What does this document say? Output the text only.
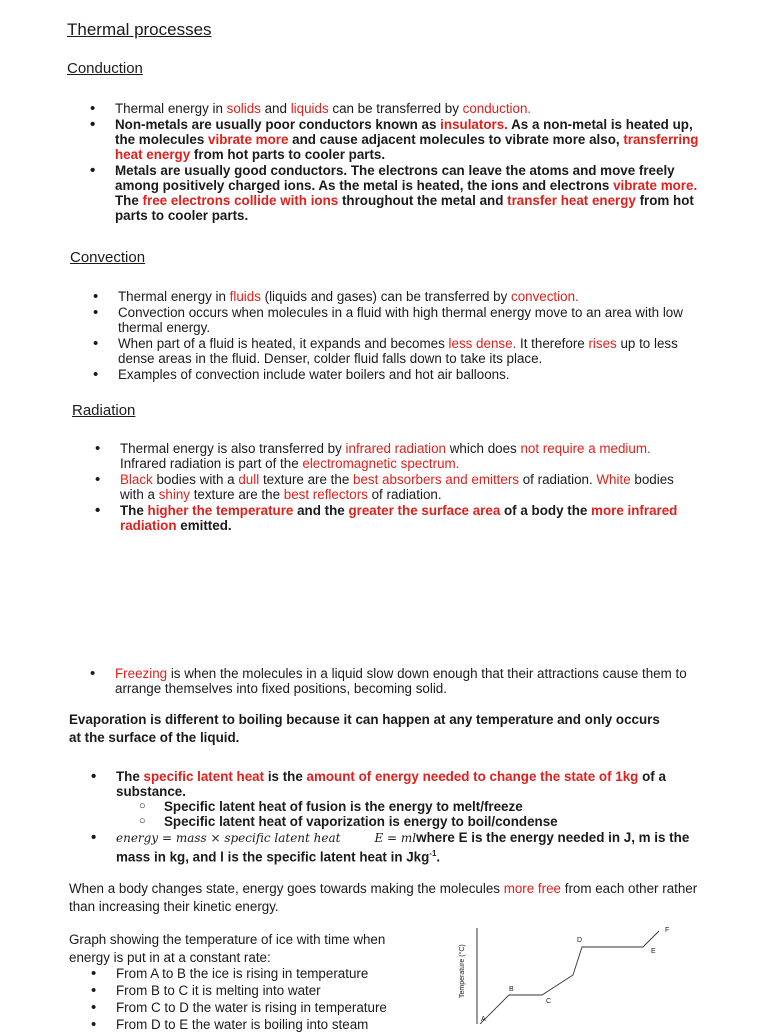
Thermal processes
Conduction
• Thermal energy in solids and liquids can be transferred by conduction.
• Non-metals are usually poor conductors known as insulators. As a non-metal is heated up, the molecules vibrate more and cause adjacent molecules to vibrate more also, transferring heat energy from hot parts to cooler parts.
• Metals are usually good conductors. The electrons can leave the atoms and move freely among positively charged ions. As the metal is heated, the ions and electrons vibrate more. The free electrons collide with ions throughout the metal and transfer heat energy from hot parts to cooler parts.
Convection
• Thermal energy in fluids (liquids and gases) can be transferred by convection.
• Convection occurs when molecules in a fluid with high thermal energy move to an area with low thermal energy.
• When part of a fluid is heated, it expands and becomes less dense. It therefore rises up to less dense areas in the fluid. Denser, colder fluid falls down to take its place.
• Examples of convection include water boilers and hot air balloons.
Radiation
• Thermal energy is also transferred by infrared radiation which does not require a medium. Infrared radiation is part of the electromagnetic spectrum.
• Black bodies with a dull texture are the best absorbers and emitters of radiation. White bodies with a shiny texture are the best reflectors of radiation.
• The higher the temperature and the greater the surface area of a body the more infrared radiation emitted.
• Freezing is when the molecules in a liquid slow down enough that their attractions cause them to arrange themselves into fixed positions, becoming solid.
Evaporation is different to boiling because it can happen at any temperature and only occurs at the surface of the liquid.
• The specific latent heat is the amount of energy needed to change the state of 1kg of a substance.
○ Specific latent heat of fusion is the energy to melt/freeze
○ Specific latent heat of vaporization is energy to boil/condense
• energy = mass × specific latent heat	E = mlwhere E is the energy needed in J, m is the mass in kg, and l is the specific latent heat in Jkg$^{-1}$.
When a body changes state, energy goes towards making the molecules more free from each other rather than increasing their kinetic energy.
Graph showing the temperature of ice with time when energy is put in at a constant rate:
• From A to B the ice is rising in temperature
• From B to C it is melting into water
• From C to D the water is rising in temperature
• From D to E the water is boiling into steam
Temperature (°C)
A
B
C
D
E
F
